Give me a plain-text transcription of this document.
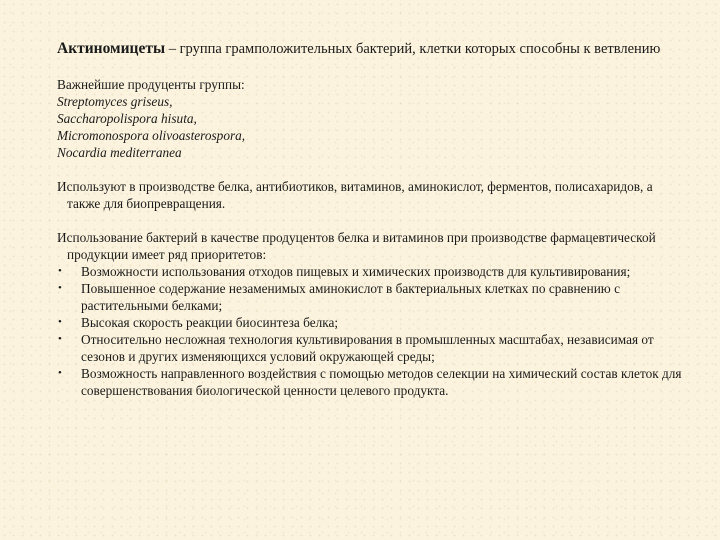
Актиномицеты – группа грамположительных бактерий, клетки которых способны к ветвлению

Важнейшие продуценты группы:
Streptomyces griseus,
Saccharopolispora hisuta,
Micromonospora olivoasterospora,
Nocardia mediterranea

Используют в производстве белка, антибиотиков, витаминов, аминокислот, ферментов, полисахаридов, а также для биопревращения.

Использование бактерий в качестве продуцентов белка и витаминов при производстве фармацевтической продукции имеет ряд приоритетов:

• Возможности использования отходов пищевых и химических производств для культивирования;
• Повышенное содержание незаменимых аминокислот в бактериальных клетках по сравнению с растительными белками;
• Высокая скорость реакции биосинтеза белка;
• Относительно несложная технология культивирования в промышленных масштабах, независимая от сезонов и других изменяющихся условий окружающей среды;
• Возможность направленного воздействия с помощью методов селекции на химический состав клеток для совершенствования биологической ценности целевого продукта.
